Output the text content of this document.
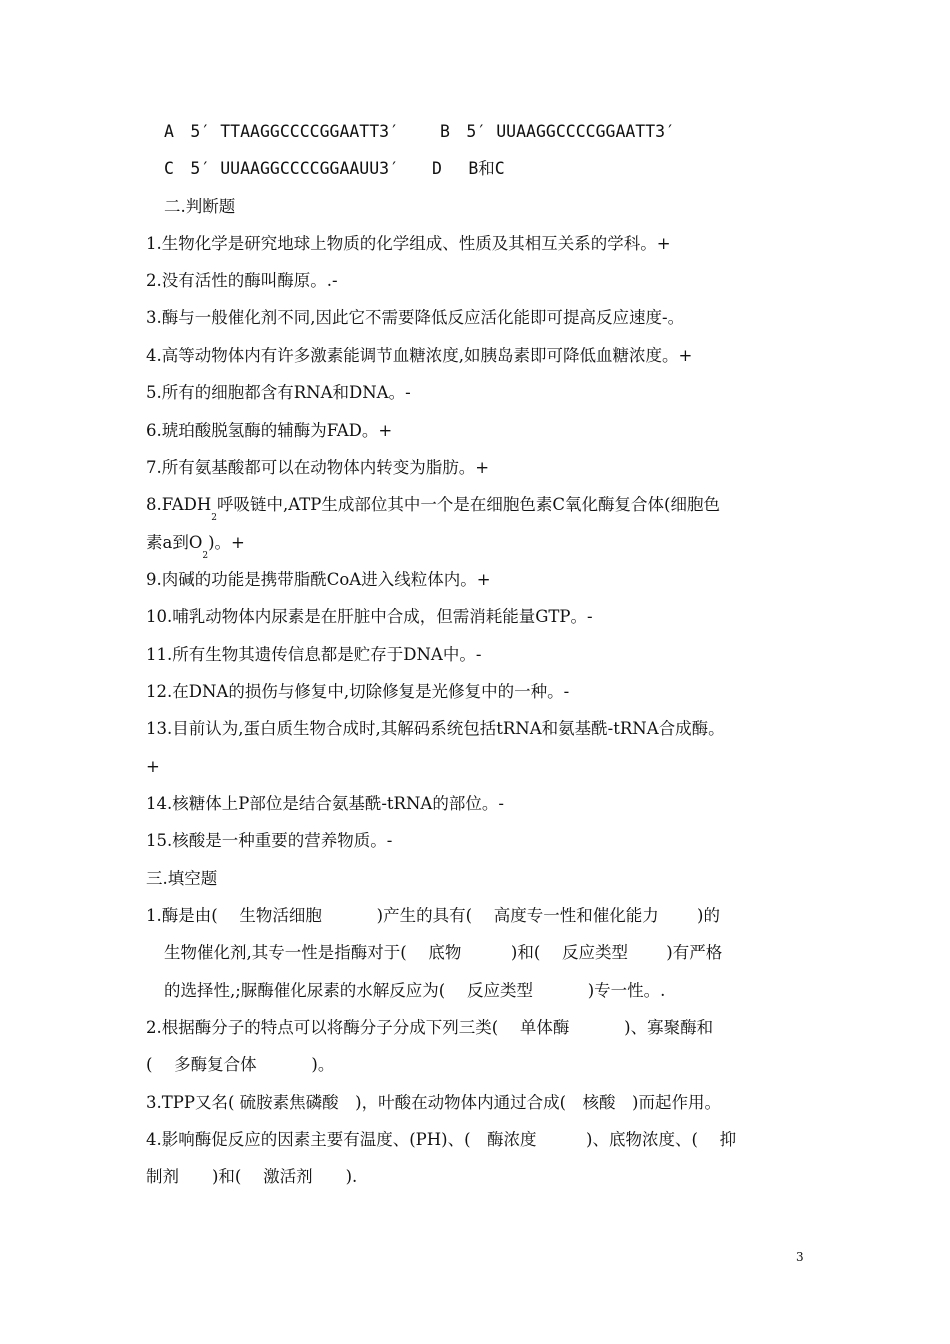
A　5′ TTAAGGCCCCGGAATT3′ B　5′ UUAAGGCCCCGGAATT3′
C　5′ UUAAGGCCCCGGAAUU3′ D　 B和C
二.判断题
1.生物化学是研究地球上物质的化学组成、性质及其相互关系的学科。+
2.没有活性的酶叫酶原。.-
3.酶与一般催化剂不同,因此它不需要降低反应活化能即可提高反应速度-。
4.高等动物体内有许多激素能调节血糖浓度,如胰岛素即可降低血糖浓度。+
5.所有的细胞都含有RNA和DNA。-
6.琥珀酸脱氢酶的辅酶为FAD。+
7.所有氨基酸都可以在动物体内转变为脂肪。+
$8.FADH_2$呼吸链中,ATP生成部位其中一个是在细胞色素C氧化酶复合体(细胞色
素a到$O_2$)。+
9.肉碱的功能是携带脂酰CoA进入线粒体内。+
10.哺乳动物体内尿素是在肝脏中合成，但需消耗能量GTP。-
11.所有生物其遗传信息都是贮存于DNA中。-
12.在DNA的损伤与修复中,切除修复是光修复中的一种。-
13.目前认为,蛋白质生物合成时,其解码系统包括tRNA和氨基酰-tRNA合成酶。
+
14.核糖体上P部位是结合氨基酰-tRNA的部位。-
15.核酸是一种重要的营养物质。-
三.填空题
1.酶是由(　 生物活细胞　　　 )产生的具有(　 高度专一性和催化能力　　 )的
生物催化剂,其专一性是指酶对于(　 底物　　　)和(　 反应类型　　 )有严格
的选择性,;脲酶催化尿素的水解反应为(　 反应类型　　　 )专一性。.
2.根据酶分子的特点可以将酶分子分成下列三类(　 单体酶　　　 )、寡聚酶和
(　 多酶复合体　　　 )。
3.TPP又名( 硫胺素焦磷酸　)，叶酸在动物体内通过合成(　核酸　)而起作用。
4.影响酶促反应的因素主要有温度、(PH)、(　酶浓度　　　)、底物浓度、(　 抑
制剂　　)和(　 激活剂　　).
3
